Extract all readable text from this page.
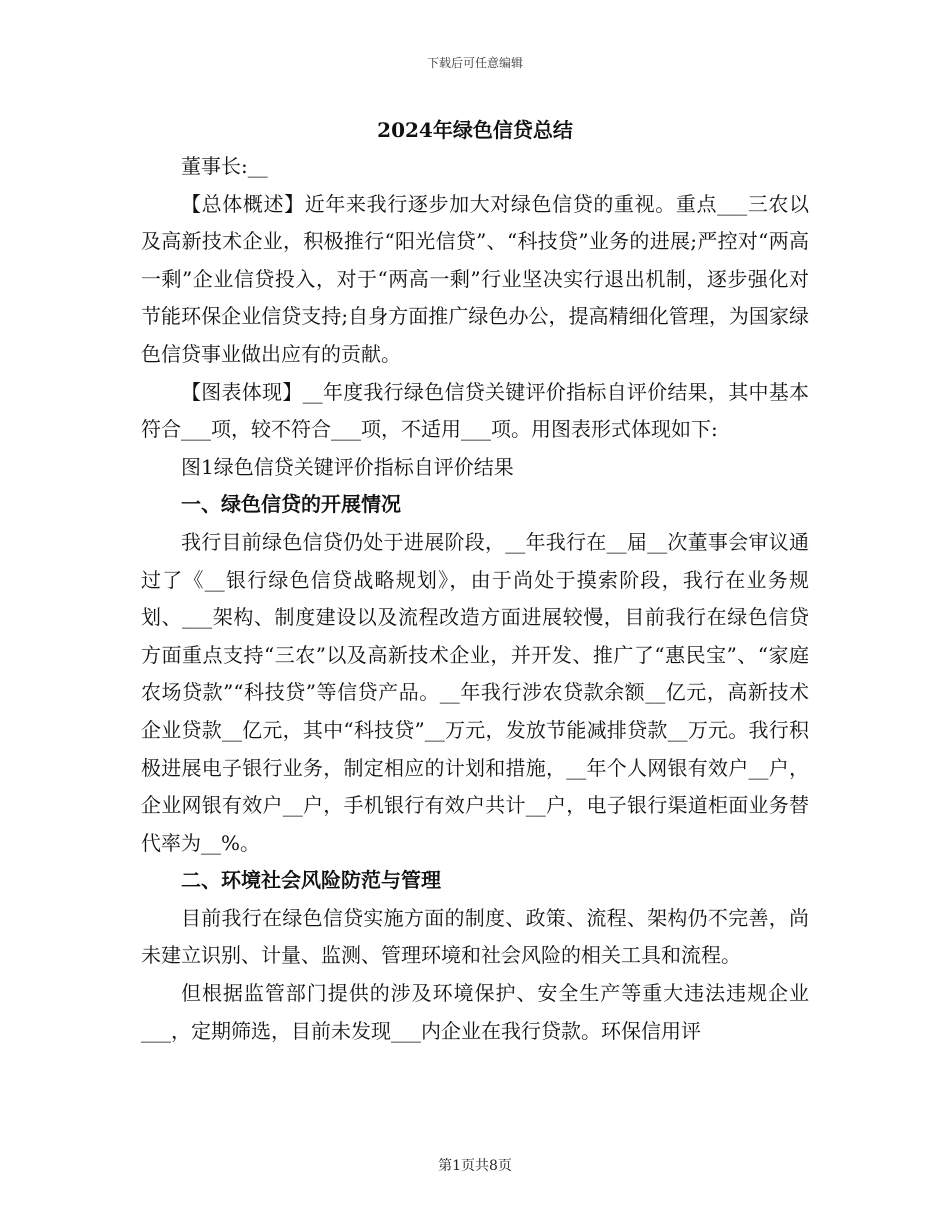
下载后可任意编辑
2024年绿色信贷总结

董事长:__

【总体概述】近年来我行逐步加大对绿色信贷的重视。重点___三农以及高新技术企业，积极推行“阳光信贷”、“科技贷”业务的进展;严控对“两高一剩”企业信贷投入，对于“两高一剩”行业坚决实行退出机制，逐步强化对节能环保企业信贷支持;自身方面推广绿色办公，提高精细化管理，为国家绿色信贷事业做出应有的贡献。

【图表体现】__年度我行绿色信贷关键评价指标自评价结果，其中基本符合___项，较不符合___项，不适用___项。用图表形式体现如下:

图1绿色信贷关键评价指标自评价结果

一、绿色信贷的开展情况

我行目前绿色信贷仍处于进展阶段，__年我行在__届__次董事会审议通过了《__银行绿色信贷战略规划》，由于尚处于摸索阶段，我行在业务规划、___架构、制度建设以及流程改造方面进展较慢，目前我行在绿色信贷方面重点支持“三农”以及高新技术企业，并开发、推广了“惠民宝”、“家庭农场贷款”“科技贷”等信贷产品。__年我行涉农贷款余额__亿元，高新技术企业贷款__亿元，其中“科技贷”__万元，发放节能减排贷款__万元。我行积极进展电子银行业务，制定相应的计划和措施，__年个人网银有效户__户，企业网银有效户__户，手机银行有效户共计__户，电子银行渠道柜面业务替代率为__%。

二、环境社会风险防范与管理

目前我行在绿色信贷实施方面的制度、政策、流程、架构仍不完善，尚未建立识别、计量、监测、管理环境和社会风险的相关工具和流程。

但根据监管部门提供的涉及环境保护、安全生产等重大违法违规企业___，定期筛选，目前未发现___内企业在我行贷款。环保信用评

第1页共8页
